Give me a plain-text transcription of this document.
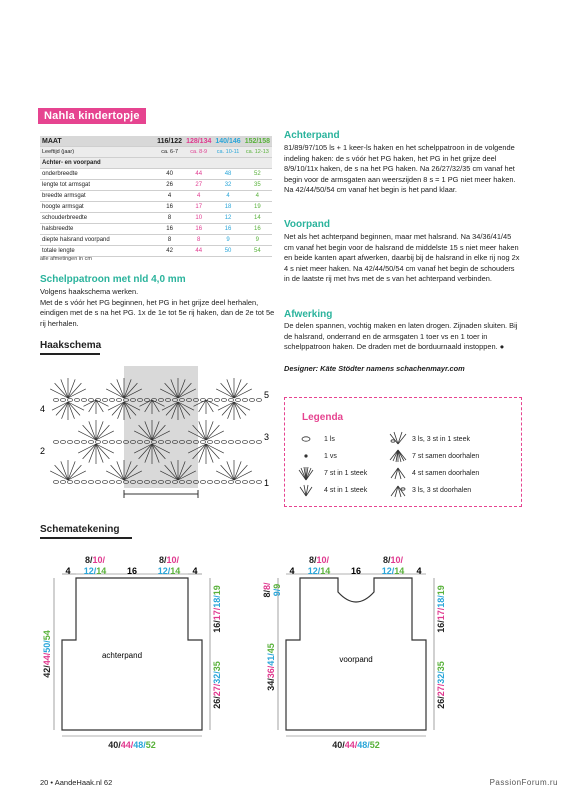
Nahla kindertopje
MAAT	116/122	128/134	140/146	152/158
Leeftijd (jaar)	ca. 6-7	ca. 8-9	ca. 10-11	ca. 12-13
Achter- en voorpand				
onderbreedte	40	44	48	52
lengte tot armsgat	26	27	32	35
breedte armsgat	4	4	4	4
hoogte armsgat	16	17	18	19
schouderbreedte	8	10	12	14
halsbreedte	16	16	16	16
diepte halsrand voorpand	8	8	9	9
totale lengte	42	44	50	54
alle afmetingen in cm
Schelppatroon met nld 4,0 mm

Volgens haakschema werken.
Met de s vóór het PG beginnen, het PG in het grijze deel herhalen, eindigen met de s na het PG. 1x de 1e tot 5e rij haken, dan de 2e tot 5e rij herhalen.

Haakschema
4
2
5
3
1
Achterpand

81/89/97/105 ls + 1 keer-ls haken en het schelppatroon in de volgende indeling haken: de s vóór het PG haken, het PG in het grijze deel 8/9/10/11x haken, de s na het PG haken. Na 26/27/32/35 cm vanaf het begin voor de armsgaten aan weerszijden 8 s = 1 PG niet meer haken. Na 42/44/50/54 cm vanaf het begin is het pand klaar.

Voorpand

Net als het achterpand beginnen, maar met halsrand. Na 34/36/41/45 cm vanaf het begin voor de halsrand de middelste 15 s niet meer haken en beide kanten apart afwerken, daarbij bij de halsrand in elke rij nog 2x 4 s niet meer haken. Na 42/44/50/54 cm vanaf het begin de schouders in de laatste rij met hvs met de s van het achterpand verbinden.

Afwerking

De delen spannen, vochtig maken en laten drogen. Zijnaden sluiten. Bij de halsrand, onderrand en de armsgaten 1 toer vs en 1 toer in schelppatroon haken. De draden met de borduurnaald instoppen. ●

Designer: Käte Stödter namens schachenmayr.com

Legenda
1 ls
1 vs
7 st in 1 steek
4 st in 1 steek
3 ls, 3 st in 1 steek
7 st samen doorhalen
4 st samen doorhalen
3 ls, 3 st doorhalen
Schematekening
achterpand
8/10/
4 12/14 16
8/10/
12/14 4
42/44/50/54
16/17/18/19
26/27/32/35
40/44/48/52
voorpand
8/10/
4 12/14 16
8/10/
12/14 4
8/8/
9/9
34/36/41/45
16/17/18/19
26/27/32/35
40/44/48/52
20 • AandeHaak.nl 62	PassionForum.ru
